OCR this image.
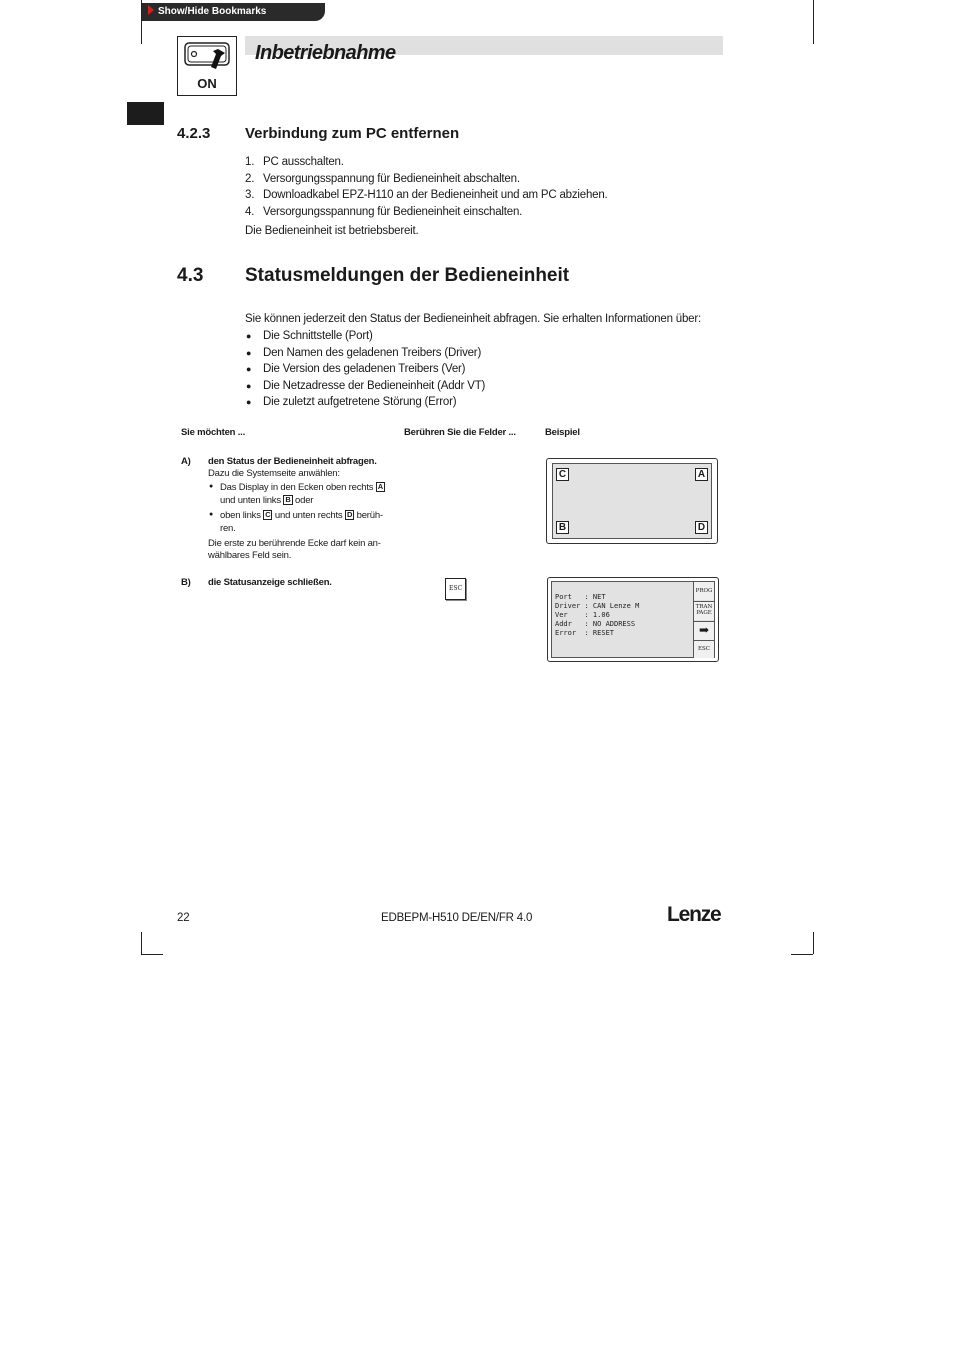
Show/Hide Bookmarks
ON
Inbetriebnahme
4.2.3 Verbindung zum PC entfernen
1. PC ausschalten.
2. Versorgungsspannung für Bedieneinheit abschalten.
3. Downloadkabel EPZ-H110 an der Bedieneinheit und am PC abziehen.
4. Versorgungsspannung für Bedieneinheit einschalten.
Die Bedieneinheit ist betriebsbereit.
4.3 Statusmeldungen der Bedieneinheit
Sie können jederzeit den Status der Bedieneinheit abfragen. Sie erhalten Informationen über:
● Die Schnittstelle (Port)
● Den Namen des geladenen Treibers (Driver)
● Die Version des geladenen Treibers (Ver)
● Die Netzadresse der Bedieneinheit (Addr VT)
● Die zuletzt aufgetretene Störung (Error)
Sie möchten ...	Berühren Sie die Felder ...	Beispiel
A) den Status der Bedieneinheit abfragen.
Dazu die Systemseite anwählen:
● Das Display in den Ecken oben rechts A
und unten links B oder
● oben links C und unten rechts D berüh-
ren.
Die erste zu berührende Ecke darf kein an-
wählbares Feld sein.
C	A
B	D
B) die Statusanzeige schließen.
ESC
Port   : NET
Driver : CAN Lenze M
Ver    : 1.06
Addr   : NO ADDRESS
Error  : RESET
PROG
TRAN
PAGE
➡
ESC
22	EDBEPM-H510 DE/EN/FR 4.0	Lenze
